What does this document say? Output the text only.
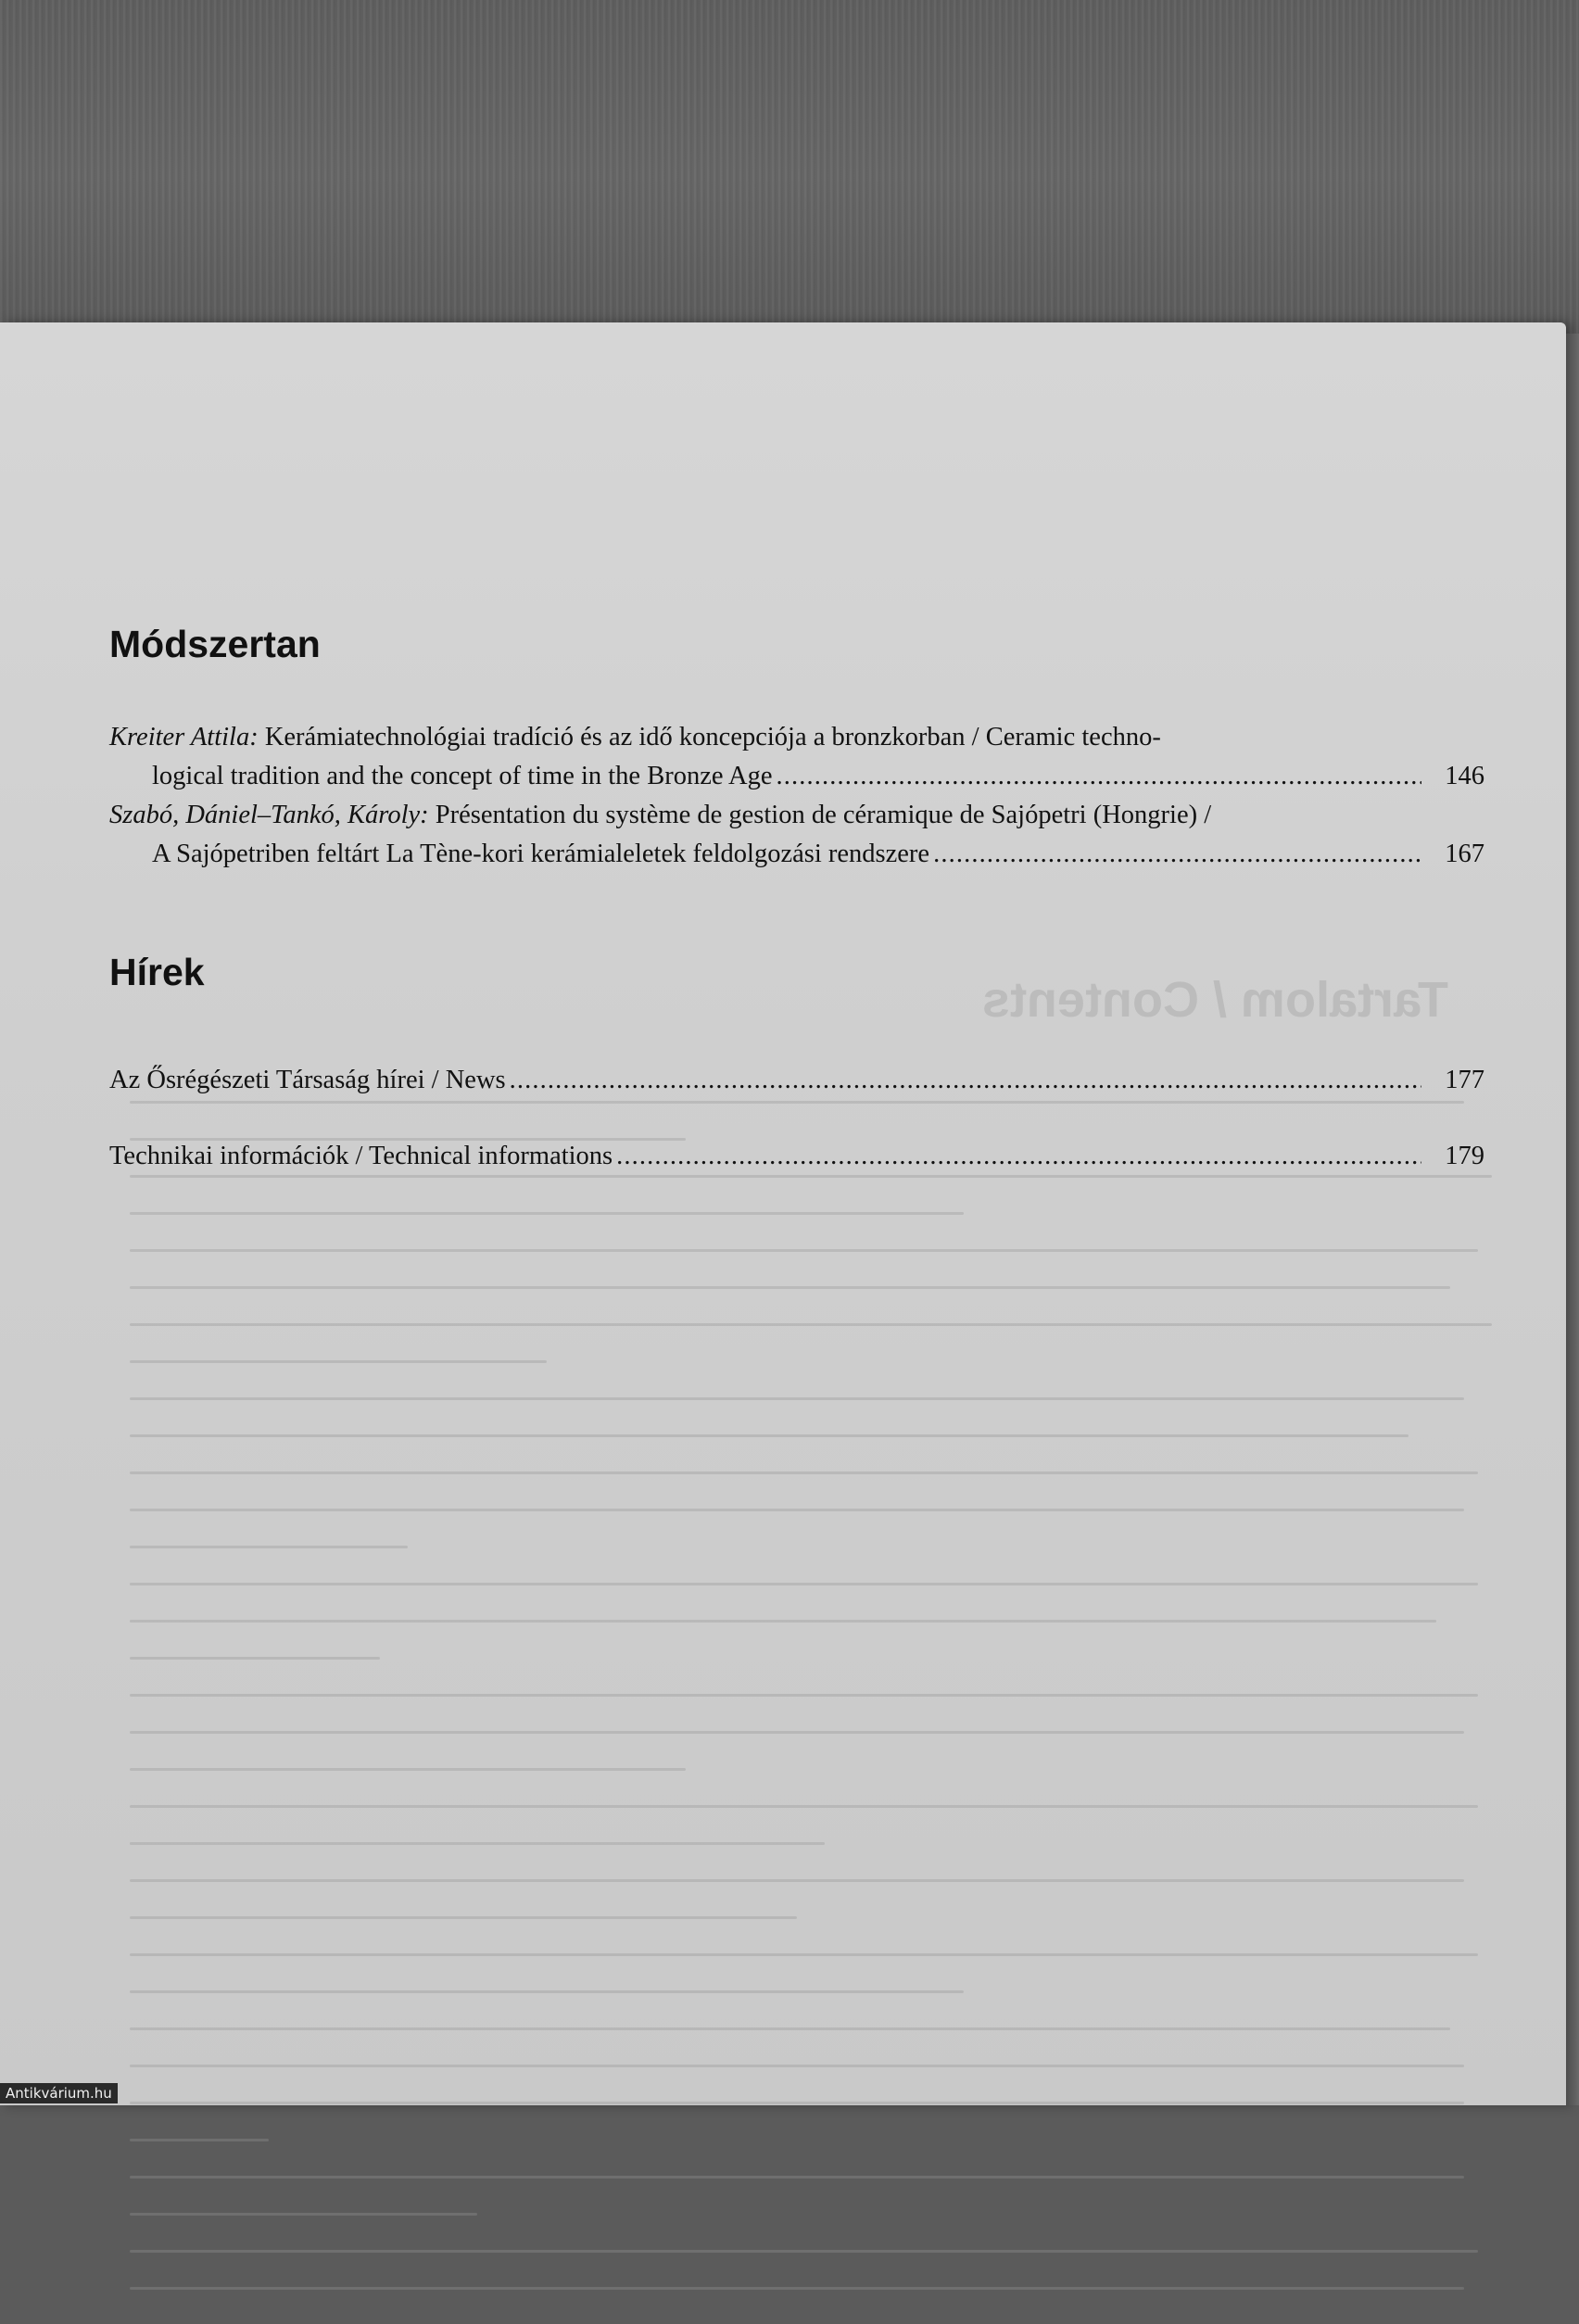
Tartalom / Contents
Módszertan
Kreiter Attila: Kerámiatechnológiai tradíció és az idő koncepciója a bronzkorban / Ceramic techno-
logical tradition and the concept of time in the Bronze Age . . .	146
Szabó, Dániel–Tankó, Károly: Présentation du système de gestion de céramique de Sajópetri (Hongrie) /
A Sajópetriben feltárt La Tène-kori kerámialeletek feldolgozási rendszere . . .	167
Hírek
Az Ősrégészeti Társaság hírei / News . . .	177
Technikai információk / Technical informations . . .	179
Antikvárium.hu
